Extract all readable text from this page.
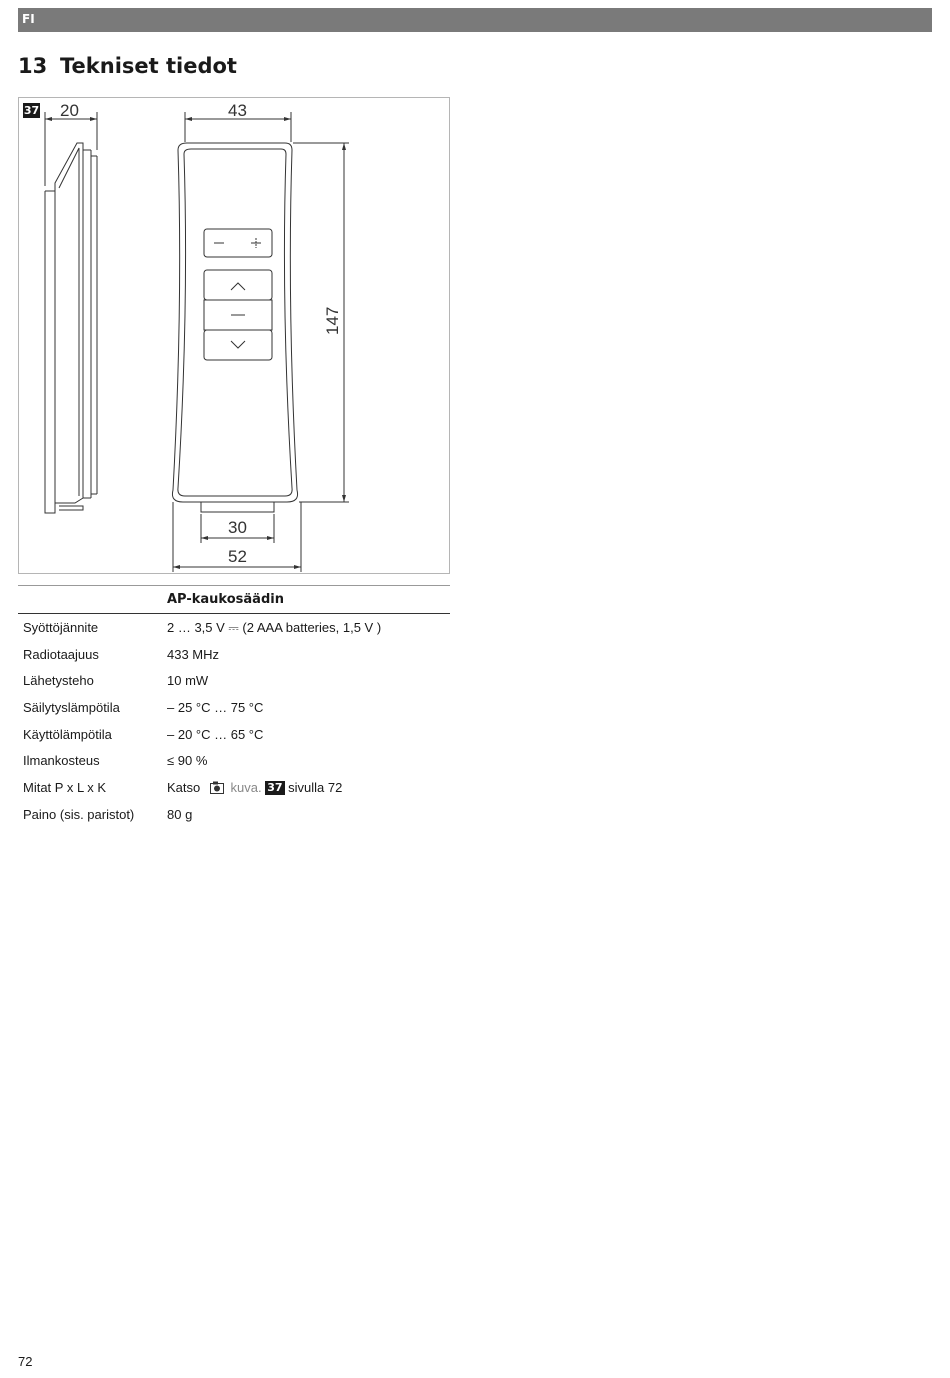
FI
13 Tekniset tiedot
20	43
147
30
52
37
AP-kaukosäädin
Syöttöjännite	2 … 3,5 V ⎓ (2 AAA batteries, 1,5 V )
Radiotaajuus	433 MHz
Lähetysteho	10 mW
Säilytyslämpötila	– 25 °C … 75 °C
Käyttölämpötila	– 20 °C … 65 °C
Ilmankosteus	≤ 90 %
Mitat P x L x K	Katso kuva. 37 sivulla 72
Paino (sis. paristot)	80 g
72
